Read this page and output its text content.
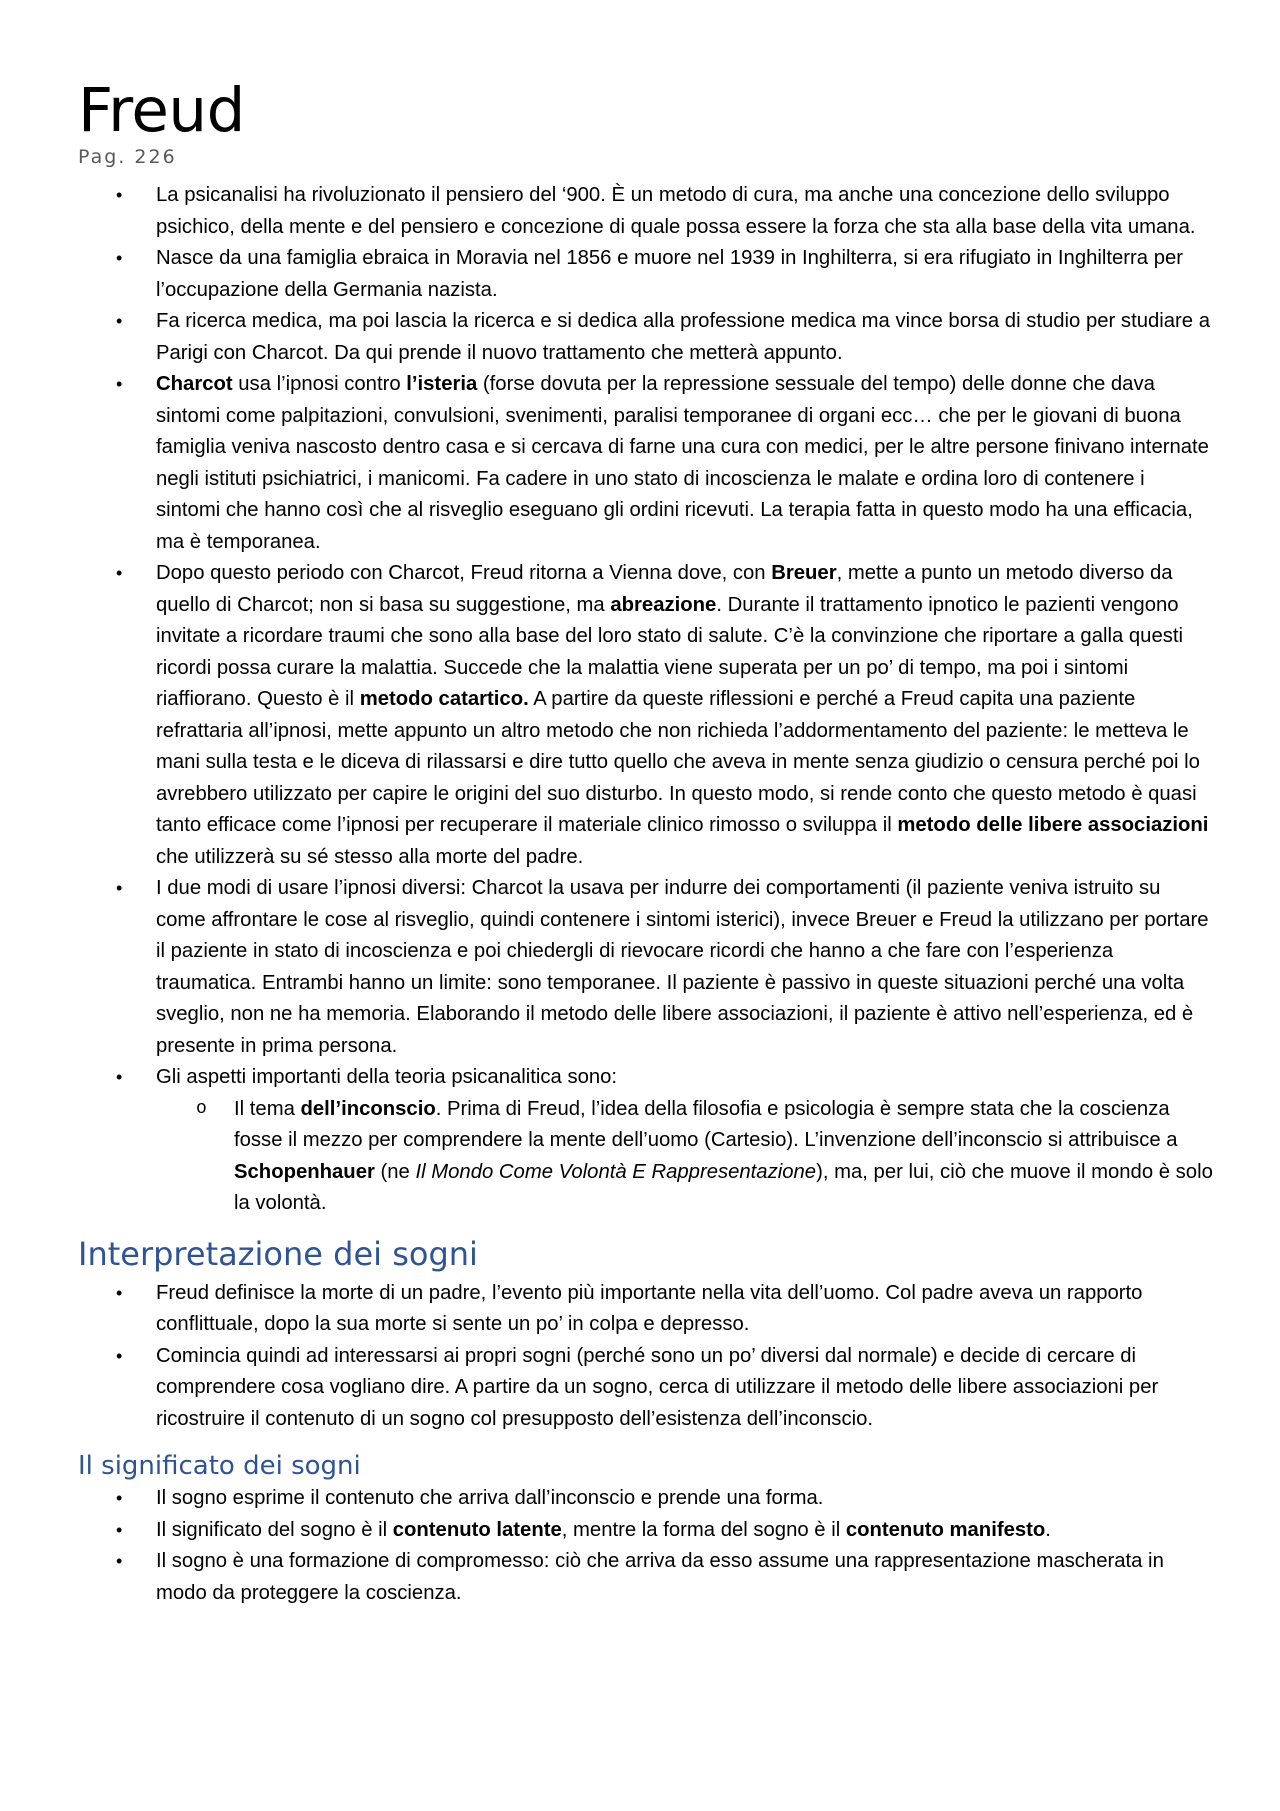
Freud
Pag. 226
• La psicanalisi ha rivoluzionato il pensiero del ‘900. È un metodo di cura, ma anche una concezione dello sviluppo psichico, della mente e del pensiero e concezione di quale possa essere la forza che sta alla base della vita umana.
• Nasce da una famiglia ebraica in Moravia nel 1856 e muore nel 1939 in Inghilterra, si era rifugiato in Inghilterra per l’occupazione della Germania nazista.
• Fa ricerca medica, ma poi lascia la ricerca e si dedica alla professione medica ma vince borsa di studio per studiare a Parigi con Charcot. Da qui prende il nuovo trattamento che metterà appunto.
• Charcot usa l’ipnosi contro l’isteria (forse dovuta per la repressione sessuale del tempo) delle donne che dava sintomi come palpitazioni, convulsioni, svenimenti, paralisi temporanee di organi ecc… che per le giovani di buona famiglia veniva nascosto dentro casa e si cercava di farne una cura con medici, per le altre persone finivano internate negli istituti psichiatrici, i manicomi. Fa cadere in uno stato di incoscienza le malate e ordina loro di contenere i sintomi che hanno così che al risveglio eseguano gli ordini ricevuti. La terapia fatta in questo modo ha una efficacia, ma è temporanea.
• Dopo questo periodo con Charcot, Freud ritorna a Vienna dove, con Breuer, mette a punto un metodo diverso da quello di Charcot; non si basa su suggestione, ma abreazione. Durante il trattamento ipnotico le pazienti vengono invitate a ricordare traumi che sono alla base del loro stato di salute. C’è la convinzione che riportare a galla questi ricordi possa curare la malattia. Succede che la malattia viene superata per un po’ di tempo, ma poi i sintomi riaffiorano. Questo è il metodo catartico. A partire da queste riflessioni e perché a Freud capita una paziente refrattaria all’ipnosi, mette appunto un altro metodo che non richieda l’addormentamento del paziente: le metteva le mani sulla testa e le diceva di rilassarsi e dire tutto quello che aveva in mente senza giudizio o censura perché poi lo avrebbero utilizzato per capire le origini del suo disturbo. In questo modo, si rende conto che questo metodo è quasi tanto efficace come l’ipnosi per recuperare il materiale clinico rimosso o sviluppa il metodo delle libere associazioni che utilizzerà su sé stesso alla morte del padre.
• I due modi di usare l’ipnosi diversi: Charcot la usava per indurre dei comportamenti (il paziente veniva istruito su come affrontare le cose al risveglio, quindi contenere i sintomi isterici), invece Breuer e Freud la utilizzano per portare il paziente in stato di incoscienza e poi chiedergli di rievocare ricordi che hanno a che fare con l’esperienza traumatica. Entrambi hanno un limite: sono temporanee. Il paziente è passivo in queste situazioni perché una volta sveglio, non ne ha memoria. Elaborando il metodo delle libere associazioni, il paziente è attivo nell’esperienza, ed è presente in prima persona.
• Gli aspetti importanti della teoria psicanalitica sono:
o Il tema dell’inconscio. Prima di Freud, l’idea della filosofia e psicologia è sempre stata che la coscienza fosse il mezzo per comprendere la mente dell’uomo (Cartesio). L’invenzione dell’inconscio si attribuisce a Schopenhauer (ne Il Mondo Come Volontà E Rappresentazione), ma, per lui, ciò che muove il mondo è solo la volontà.
Interpretazione dei sogni
• Freud definisce la morte di un padre, l’evento più importante nella vita dell’uomo. Col padre aveva un rapporto conflittuale, dopo la sua morte si sente un po’ in colpa e depresso.
• Comincia quindi ad interessarsi ai propri sogni (perché sono un po’ diversi dal normale) e decide di cercare di comprendere cosa vogliano dire. A partire da un sogno, cerca di utilizzare il metodo delle libere associazioni per ricostruire il contenuto di un sogno col presupposto dell’esistenza dell’inconscio.
Il significato dei sogni
• Il sogno esprime il contenuto che arriva dall’inconscio e prende una forma.
• Il significato del sogno è il contenuto latente, mentre la forma del sogno è il contenuto manifesto.
• Il sogno è una formazione di compromesso: ciò che arriva da esso assume una rappresentazione mascherata in modo da proteggere la coscienza.
